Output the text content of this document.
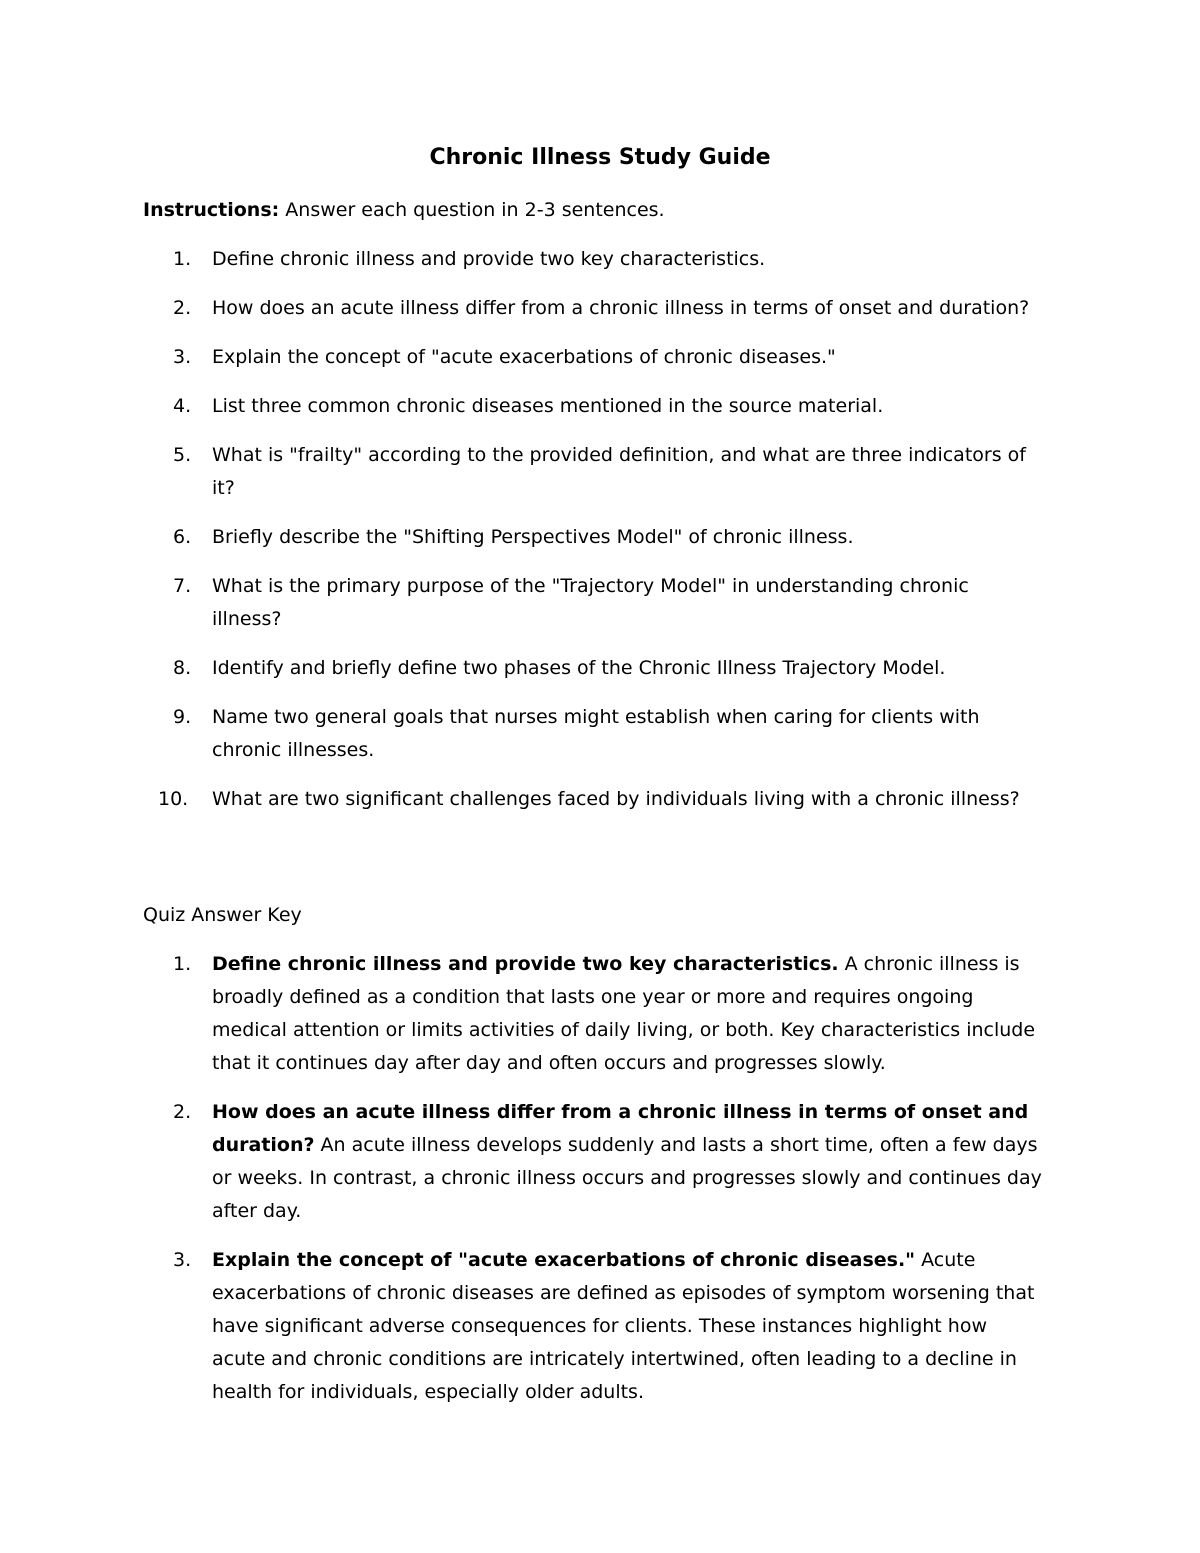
Chronic Illness Study Guide

Instructions: Answer each question in 2-3 sentences.

1.	Define chronic illness and provide two key characteristics.
2.	How does an acute illness differ from a chronic illness in terms of onset and duration?
3.	Explain the concept of "acute exacerbations of chronic diseases."
4.	List three common chronic diseases mentioned in the source material.
5.	What is "frailty" according to the provided definition, and what are three indicators of it?
6.	Briefly describe the "Shifting Perspectives Model" of chronic illness.
7.	What is the primary purpose of the "Trajectory Model" in understanding chronic illness?
8.	Identify and briefly define two phases of the Chronic Illness Trajectory Model.
9.	Name two general goals that nurses might establish when caring for clients with chronic illnesses.
10.	What are two significant challenges faced by individuals living with a chronic illness?

Quiz Answer Key

1.	Define chronic illness and provide two key characteristics. A chronic illness is broadly defined as a condition that lasts one year or more and requires ongoing medical attention or limits activities of daily living, or both. Key characteristics include that it continues day after day and often occurs and progresses slowly.
2.	How does an acute illness differ from a chronic illness in terms of onset and duration? An acute illness develops suddenly and lasts a short time, often a few days or weeks. In contrast, a chronic illness occurs and progresses slowly and continues day after day.
3.	Explain the concept of "acute exacerbations of chronic diseases." Acute exacerbations of chronic diseases are defined as episodes of symptom worsening that have significant adverse consequences for clients. These instances highlight how acute and chronic conditions are intricately intertwined, often leading to a decline in health for individuals, especially older adults.
